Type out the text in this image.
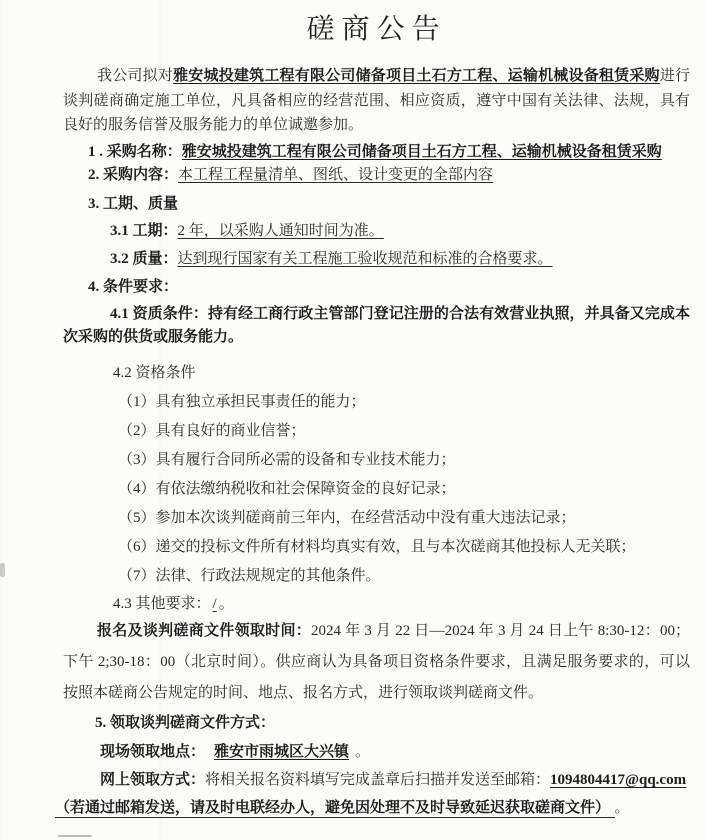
磋商公告

我公司拟对雅安城投建筑工程有限公司储备项目土石方工程、运输机械设备租赁采购进行谈判磋商确定施工单位，凡具备相应的经营范围、相应资质，遵守中国有关法律、法规，具有良好的服务信誉及服务能力的单位诚邀参加。

1 . 采购名称：雅安城投建筑工程有限公司储备项目土石方工程、运输机械设备租赁采购
2. 采购内容：本工程工程量清单、图纸、设计变更的全部内容
3. 工期、质量
3.1 工期：2 年，以采购人通知时间为准。
3.2 质量：达到现行国家有关工程施工验收规范和标准的合格要求。
4. 条件要求：

4.1 资质条件：持有经工商行政主管部门登记注册的合法有效营业执照，并具备又完成本次采购的供货或服务能力。

4.2 资格条件
（1）具有独立承担民事责任的能力；
（2）具有良好的商业信誉；
（3）具有履行合同所必需的设备和专业技术能力；
（4）有依法缴纳税收和社会保障资金的良好记录；
（5）参加本次谈判磋商前三年内，在经营活动中没有重大违法记录；
（6）递交的投标文件所有材料均真实有效，且与本次磋商其他投标人无关联；
（7）法律、行政法规规定的其他条件。
4.3 其他要求： / 。

报名及谈判磋商文件领取时间：2024 年 3 月 22 日—2024 年 3 月 24 日上午 8:30-12：00；下午 2;30-18：00（北京时间）。供应商认为具备项目资格条件要求，且满足服务要求的，可以按照本磋商公告规定的时间、地点、报名方式，进行领取谈判磋商文件。

5. 领取谈判磋商文件方式：
现场领取地点： 雅安市雨城区大兴镇 。
网上领取方式：将相关报名资料填写完成盖章后扫描并发送至邮箱：1094804417@qq.com
（若通过邮箱发送，请及时电联经办人，避免因处理不及时导致延迟获取磋商文件） 。
